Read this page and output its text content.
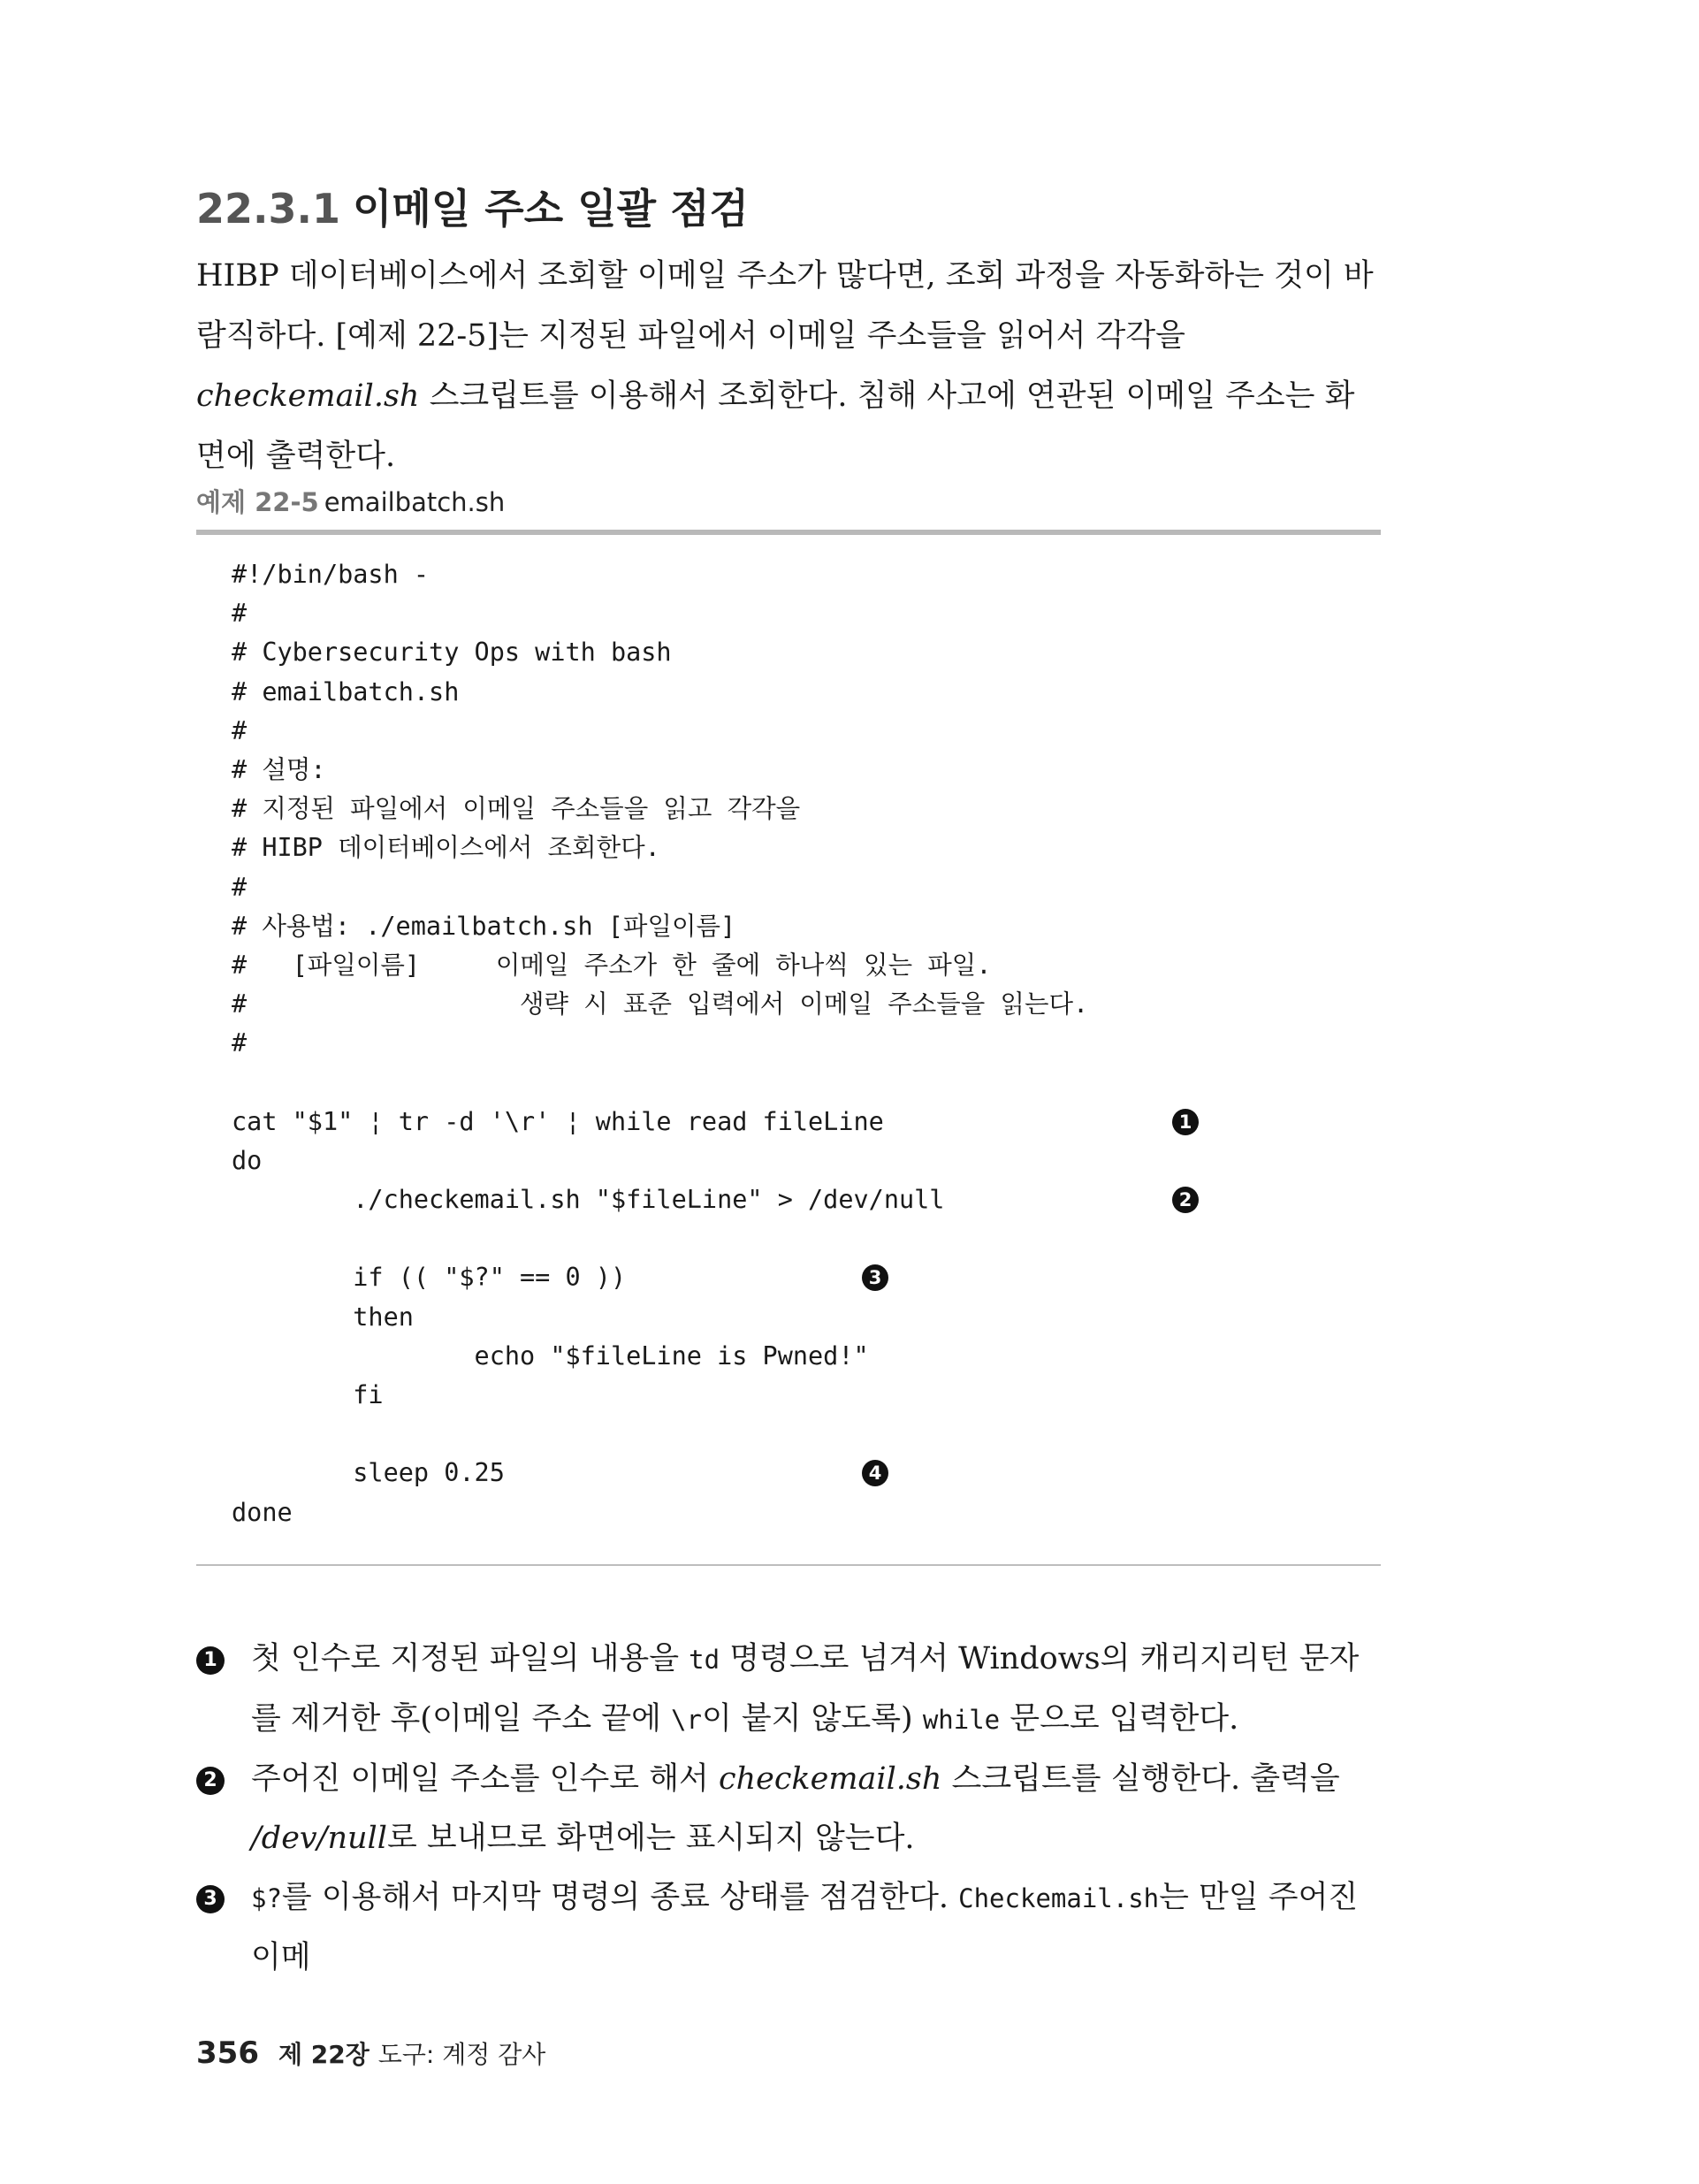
22.3.1 이메일 주소 일괄 점검

HIBP 데이터베이스에서 조회할 이메일 주소가 많다면, 조회 과정을 자동화하는 것이 바람직하다. [예제 22-5]는 지정된 파일에서 이메일 주소들을 읽어서 각각을 checkemail.sh 스크립트를 이용해서 조회한다. 침해 사고에 연관된 이메일 주소는 화면에 출력한다.

예제 22-5 emailbatch.sh

#!/bin/bash -
#
# Cybersecurity Ops with bash
# emailbatch.sh
#
# 설명:
# 지정된 파일에서 이메일 주소들을 읽고 각각을
# HIBP 데이터베이스에서 조회한다.
#
# 사용법: ./emailbatch.sh [파일이름]
#   [파일이름]     이메일 주소가 한 줄에 하나씩 있는 파일.
#                  생략 시 표준 입력에서 이메일 주소들을 읽는다.
#
cat "$1" ¦ tr -d '\r' ¦ while read fileLine	1
do
./checkemail.sh "$fileLine" > /dev/null	2
if (( "$?" == 0 ))	3
then
echo "$fileLine is Pwned!"
fi
sleep 0.25	4
done
1 첫 인수로 지정된 파일의 내용을 td 명령으로 넘겨서 Windows의 캐리지리턴 문자를 제거한 후(이메일 주소 끝에 \r이 붙지 않도록) while 문으로 입력한다.
2 주어진 이메일 주소를 인수로 해서 checkemail.sh 스크립트를 실행한다. 출력을 /dev/null로 보내므로 화면에는 표시되지 않는다.
3 $?를 이용해서 마지막 명령의 종료 상태를 점검한다. Checkemail.sh는 만일 주어진 이메

356 제 22장 도구: 계정 감사
